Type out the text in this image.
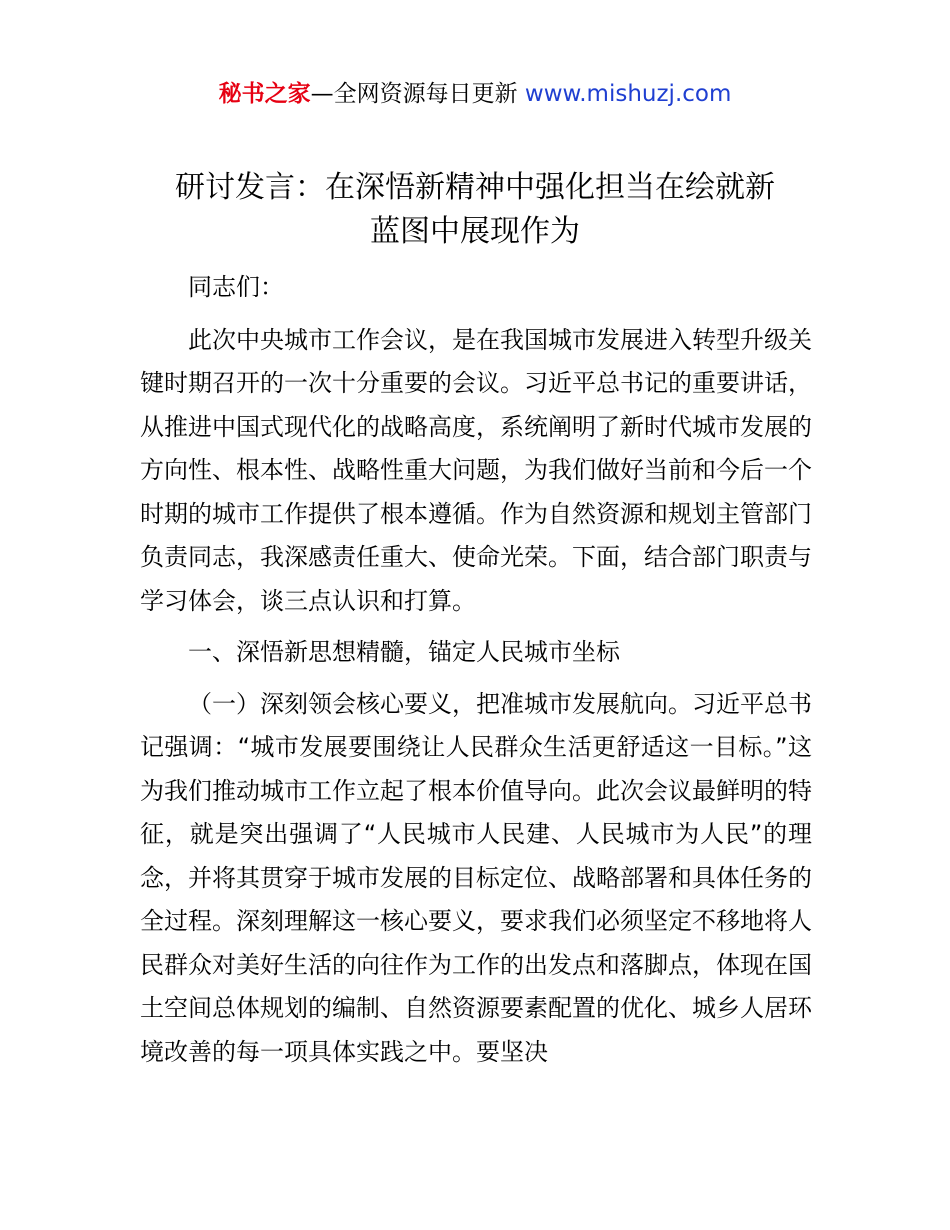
秘书之家—全网资源每日更新 www.mishuzj.com
研讨发言：在深悟新精神中强化担当在绘就新
蓝图中展现作为

同志们：

此次中央城市工作会议，是在我国城市发展进入转型升级关键时期召开的一次十分重要的会议。习近平总书记的重要讲话，从推进中国式现代化的战略高度，系统阐明了新时代城市发展的方向性、根本性、战略性重大问题，为我们做好当前和今后一个时期的城市工作提供了根本遵循。作为自然资源和规划主管部门负责同志，我深感责任重大、使命光荣。下面，结合部门职责与学习体会，谈三点认识和打算。

一、深悟新思想精髓，锚定人民城市坐标

（一）深刻领会核心要义，把准城市发展航向。习近平总书记强调：“城市发展要围绕让人民群众生活更舒适这一目标。”这为我们推动城市工作立起了根本价值导向。此次会议最鲜明的特征，就是突出强调了“人民城市人民建、人民城市为人民”的理念，并将其贯穿于城市发展的目标定位、战略部署和具体任务的全过程。深刻理解这一核心要义，要求我们必须坚定不移地将人民群众对美好生活的向往作为工作的出发点和落脚点，体现在国土空间总体规划的编制、自然资源要素配置的优化、城乡人居环境改善的每一项具体实践之中。要坚决
